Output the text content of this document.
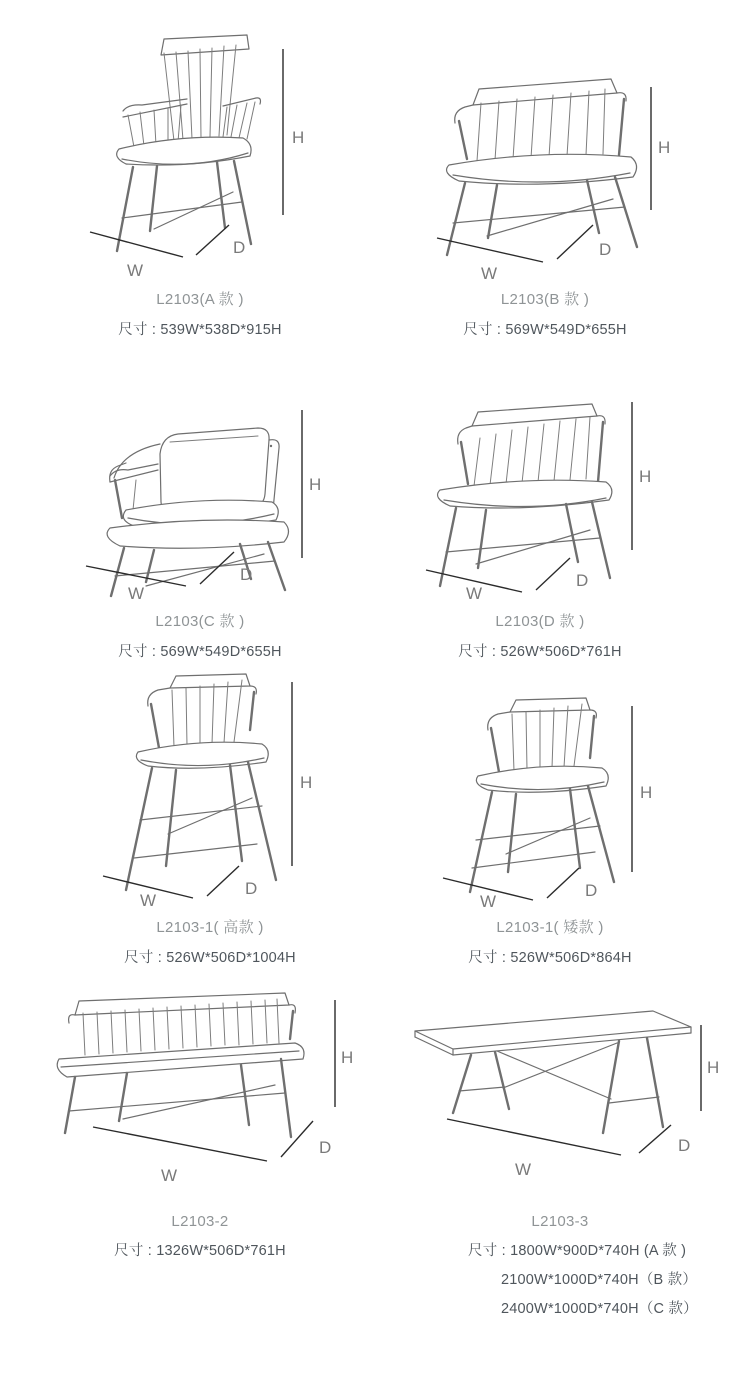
H
W
D

L2103(A 款 )

尺寸 : 539W*538D*915H

H
W
D

L2103(B 款 )

尺寸 : 569W*549D*655H

H
W
D

L2103(C 款 )

尺寸 : 569W*549D*655H

H
W
D

L2103(D 款 )

尺寸 : 526W*506D*761H

H
W
D

L2103-1( 高款 )

尺寸 : 526W*506D*1004H

H
W
D

L2103-1( 矮款 )

尺寸 : 526W*506D*864H

H
W
D

L2103-2

尺寸 : 1326W*506D*761H

H
W
D

L2103-3

尺寸 : 1800W*900D*740H (A 款 )

2100W*1000D*740H（B 款）

2400W*1000D*740H（C 款）
